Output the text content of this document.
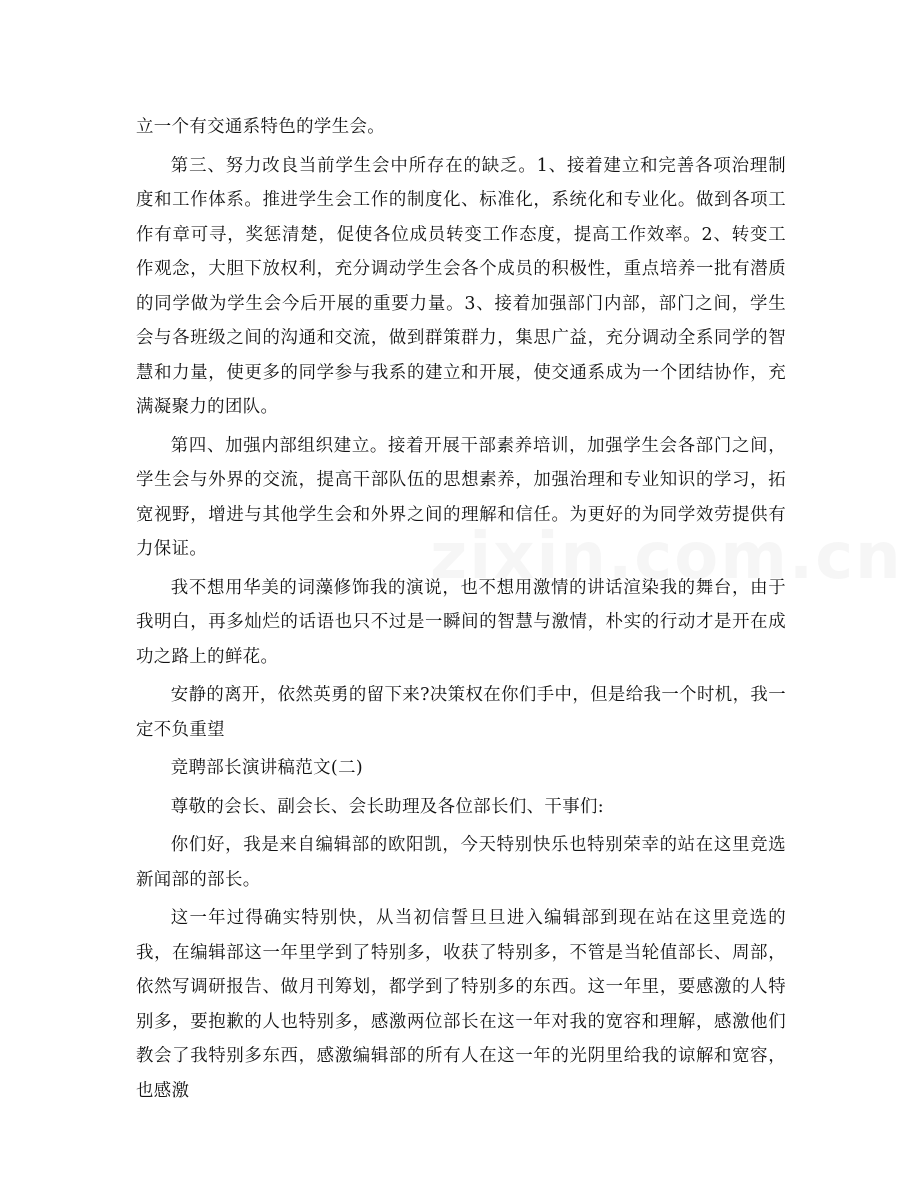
立一个有交通系特色的学生会。

第三、努力改良当前学生会中所存在的缺乏。1、接着建立和完善各项治理制度和工作体系。推进学生会工作的制度化、标准化，系统化和专业化。做到各项工作有章可寻，奖惩清楚，促使各位成员转变工作态度，提高工作效率。2、转变工作观念，大胆下放权利，充分调动学生会各个成员的积极性，重点培养一批有潜质的同学做为学生会今后开展的重要力量。3、接着加强部门内部，部门之间，学生会与各班级之间的沟通和交流，做到群策群力，集思广益，充分调动全系同学的智慧和力量，使更多的同学参与我系的建立和开展，使交通系成为一个团结协作，充满凝聚力的团队。

第四、加强内部组织建立。接着开展干部素养培训，加强学生会各部门之间，学生会与外界的交流，提高干部队伍的思想素养，加强治理和专业知识的学习，拓宽视野，增进与其他学生会和外界之间的理解和信任。为更好的为同学效劳提供有力保证。

我不想用华美的词藻修饰我的演说，也不想用激情的讲话渲染我的舞台，由于我明白，再多灿烂的话语也只不过是一瞬间的智慧与激情，朴实的行动才是开在成功之路上的鲜花。

安静的离开，依然英勇的留下来?决策权在你们手中，但是给我一个时机，我一定不负重望

竞聘部长演讲稿范文(二)

尊敬的会长、副会长、会长助理及各位部长们、干事们:

你们好，我是来自编辑部的欧阳凯，今天特别快乐也特别荣幸的站在这里竞选新闻部的部长。

这一年过得确实特别快，从当初信誓旦旦进入编辑部到现在站在这里竞选的我，在编辑部这一年里学到了特别多，收获了特别多，不管是当轮值部长、周部，依然写调研报告、做月刊筹划，都学到了特别多的东西。这一年里，要感激的人特别多，要抱歉的人也特别多，感激两位部长在这一年对我的宽容和理解，感激他们教会了我特别多东西，感激编辑部的所有人在这一年的光阴里给我的谅解和宽容，也感激
